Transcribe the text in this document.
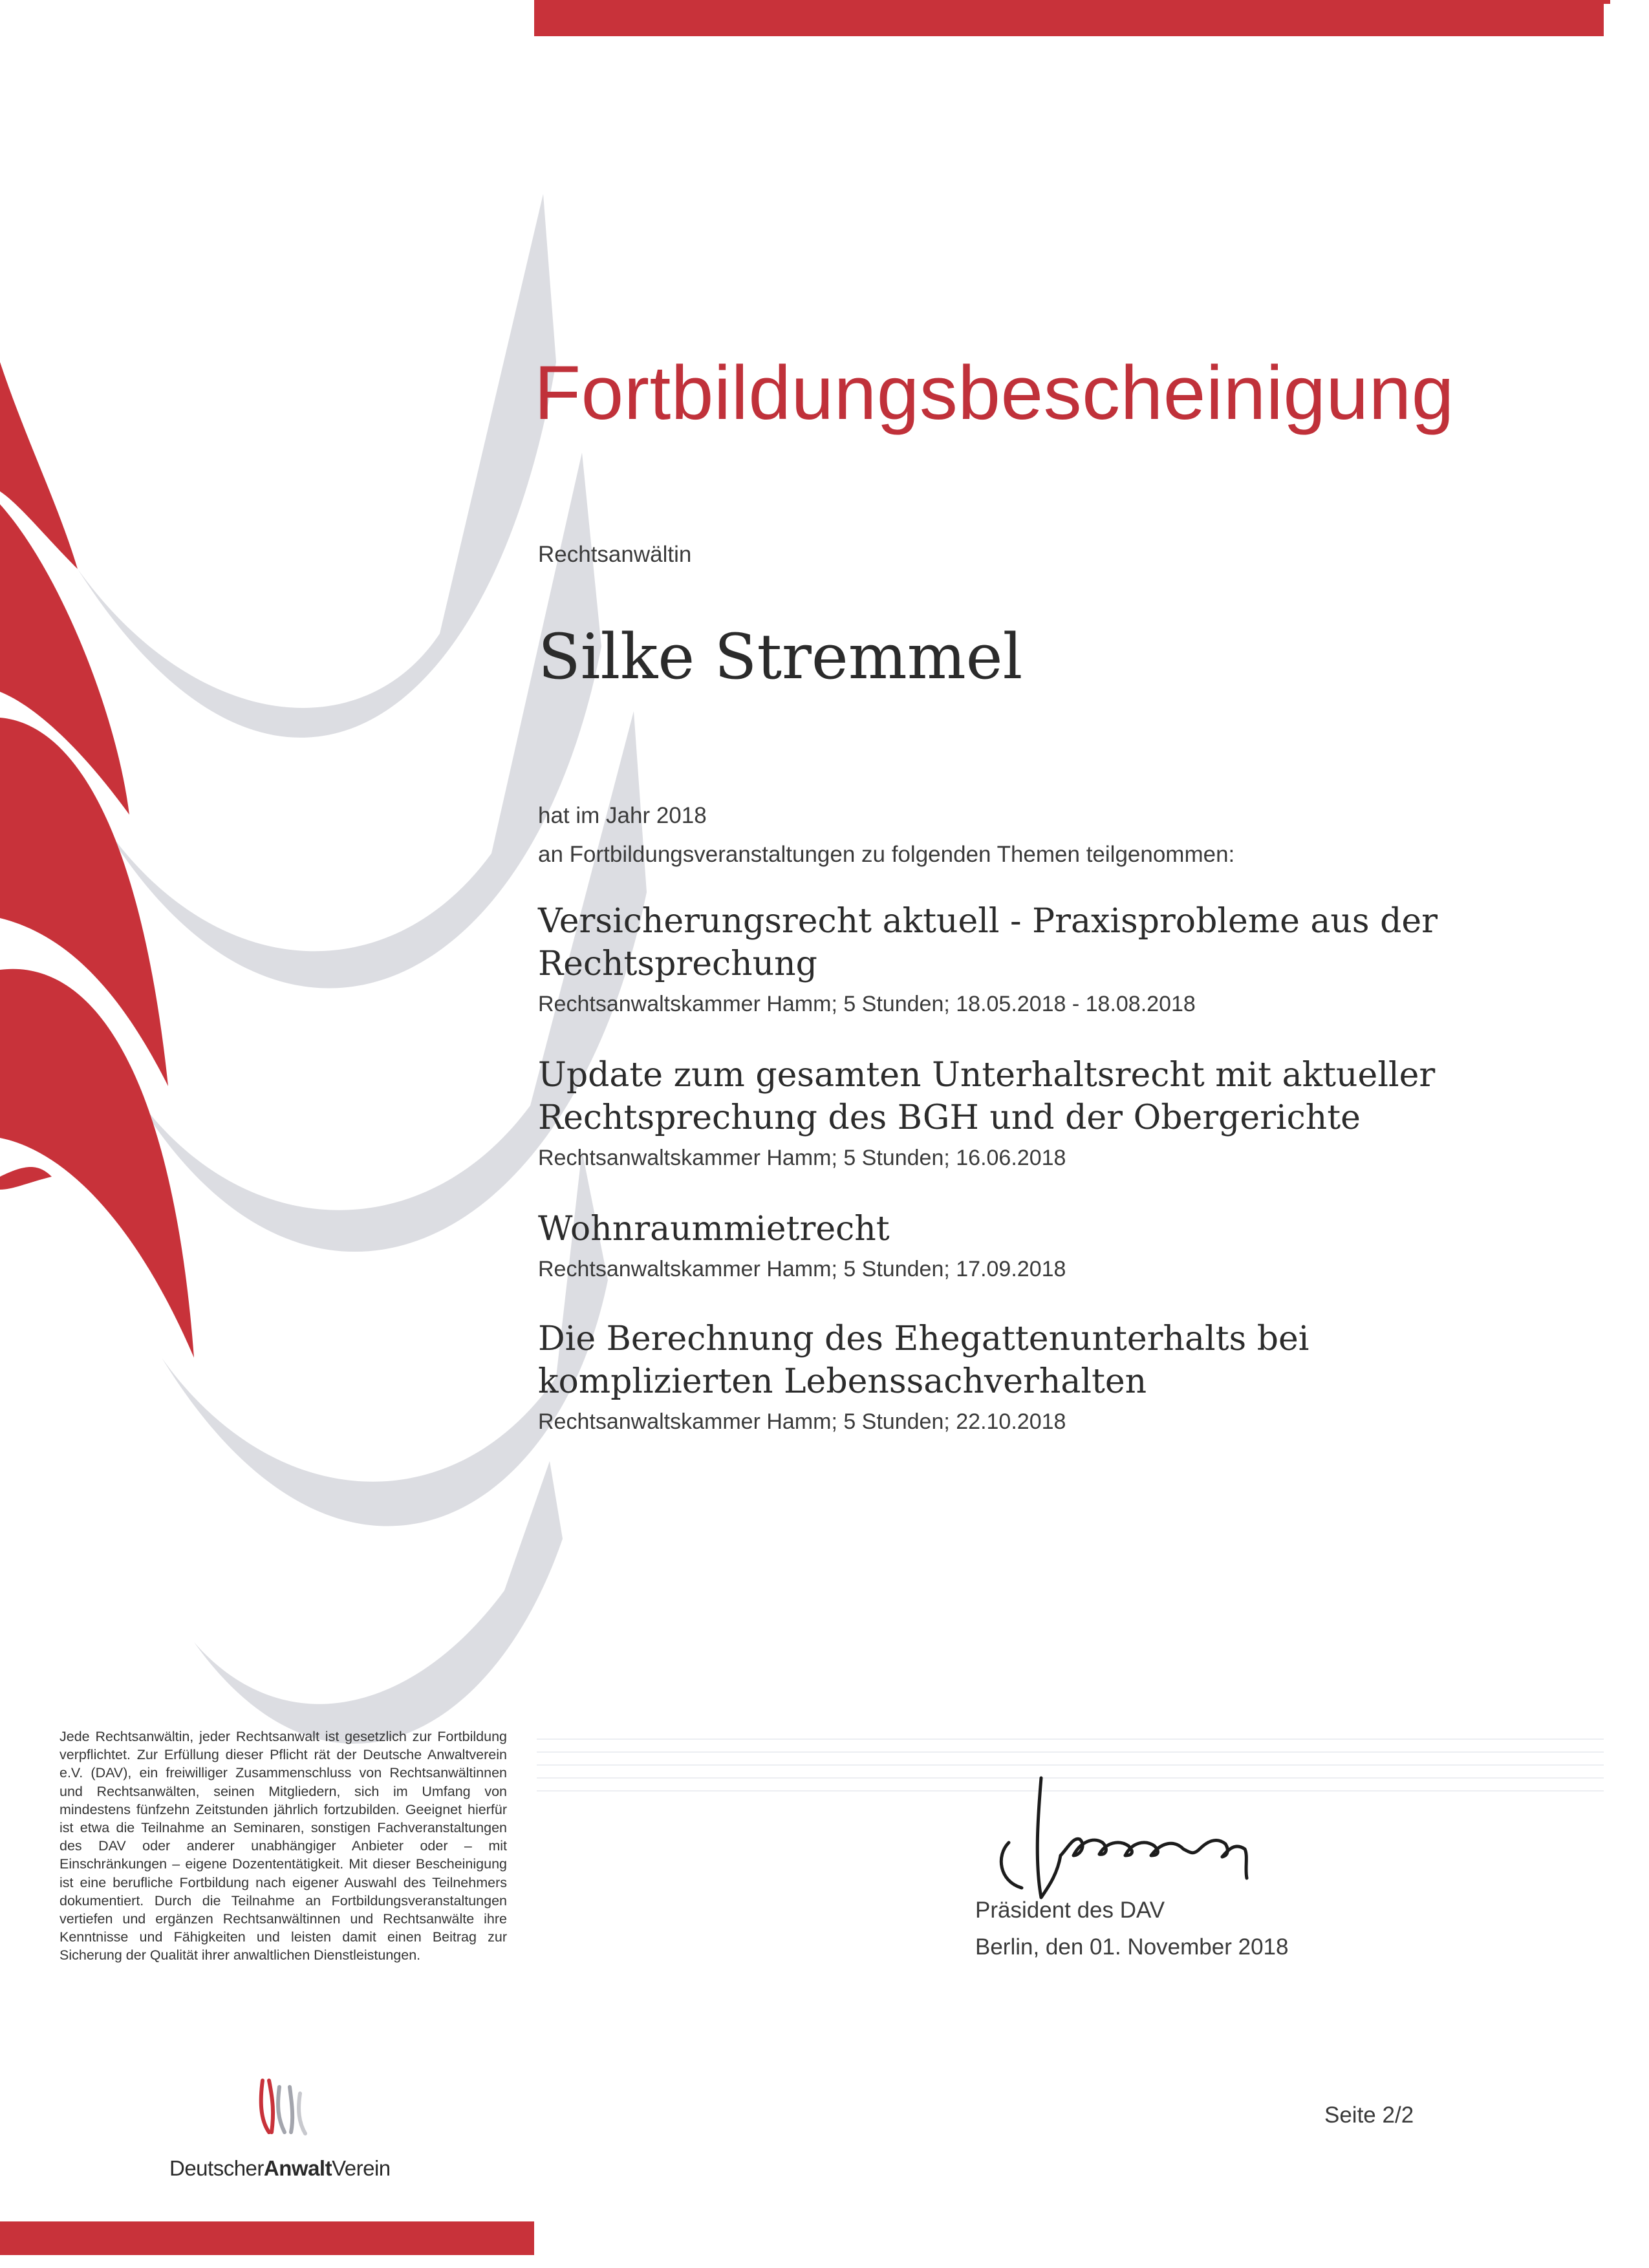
Fortbildungsbescheinigung
Rechtsanwältin
Silke Stremmel
hat im Jahr 2018
an Fortbildungsveranstaltungen zu folgenden Themen teilgenommen:
Versicherungsrecht aktuell - Praxisprobleme aus der Rechtsprechung
Rechtsanwaltskammer Hamm; 5 Stunden; 18.05.2018 - 18.08.2018
Update zum gesamten Unterhaltsrecht mit aktueller Rechtsprechung des BGH und der Obergerichte
Rechtsanwaltskammer Hamm; 5 Stunden; 16.06.2018
Wohnraummietrecht
Rechtsanwaltskammer Hamm; 5 Stunden; 17.09.2018
Die Berechnung des Ehegattenunterhalts bei komplizierten Lebenssachverhalten
Rechtsanwaltskammer Hamm; 5 Stunden; 22.10.2018
Jede Rechtsanwältin, jeder Rechtsanwalt ist gesetzlich zur Fortbildung verpflichtet. Zur Erfüllung dieser Pflicht rät der Deutsche Anwaltverein e.V. (DAV), ein freiwilliger Zusammenschluss von Rechtsanwältinnen und Rechtsanwälten, seinen Mitgliedern, sich im Umfang von mindestens fünfzehn Zeitstunden jährlich fortzubilden. Geeignet hierfür ist etwa die Teilnahme an Seminaren, sonstigen Fachveranstaltungen des DAV oder anderer unabhängiger Anbieter oder – mit Einschränkungen – eigene Dozententätigkeit. Mit dieser Bescheinigung ist eine berufliche Fortbildung nach eigener Auswahl des Teilnehmers dokumentiert. Durch die Teilnahme an Fortbildungsveranstaltungen vertiefen und ergänzen Rechtsanwältinnen und Rechtsanwälte ihre Kenntnisse und Fähigkeiten und leisten damit einen Beitrag zur Sicherung der Qualität ihrer anwaltlichen Dienstleistungen.
Präsident des DAV
Berlin, den 01. November 2018
Seite 2/2
DeutscherAnwaltVerein
